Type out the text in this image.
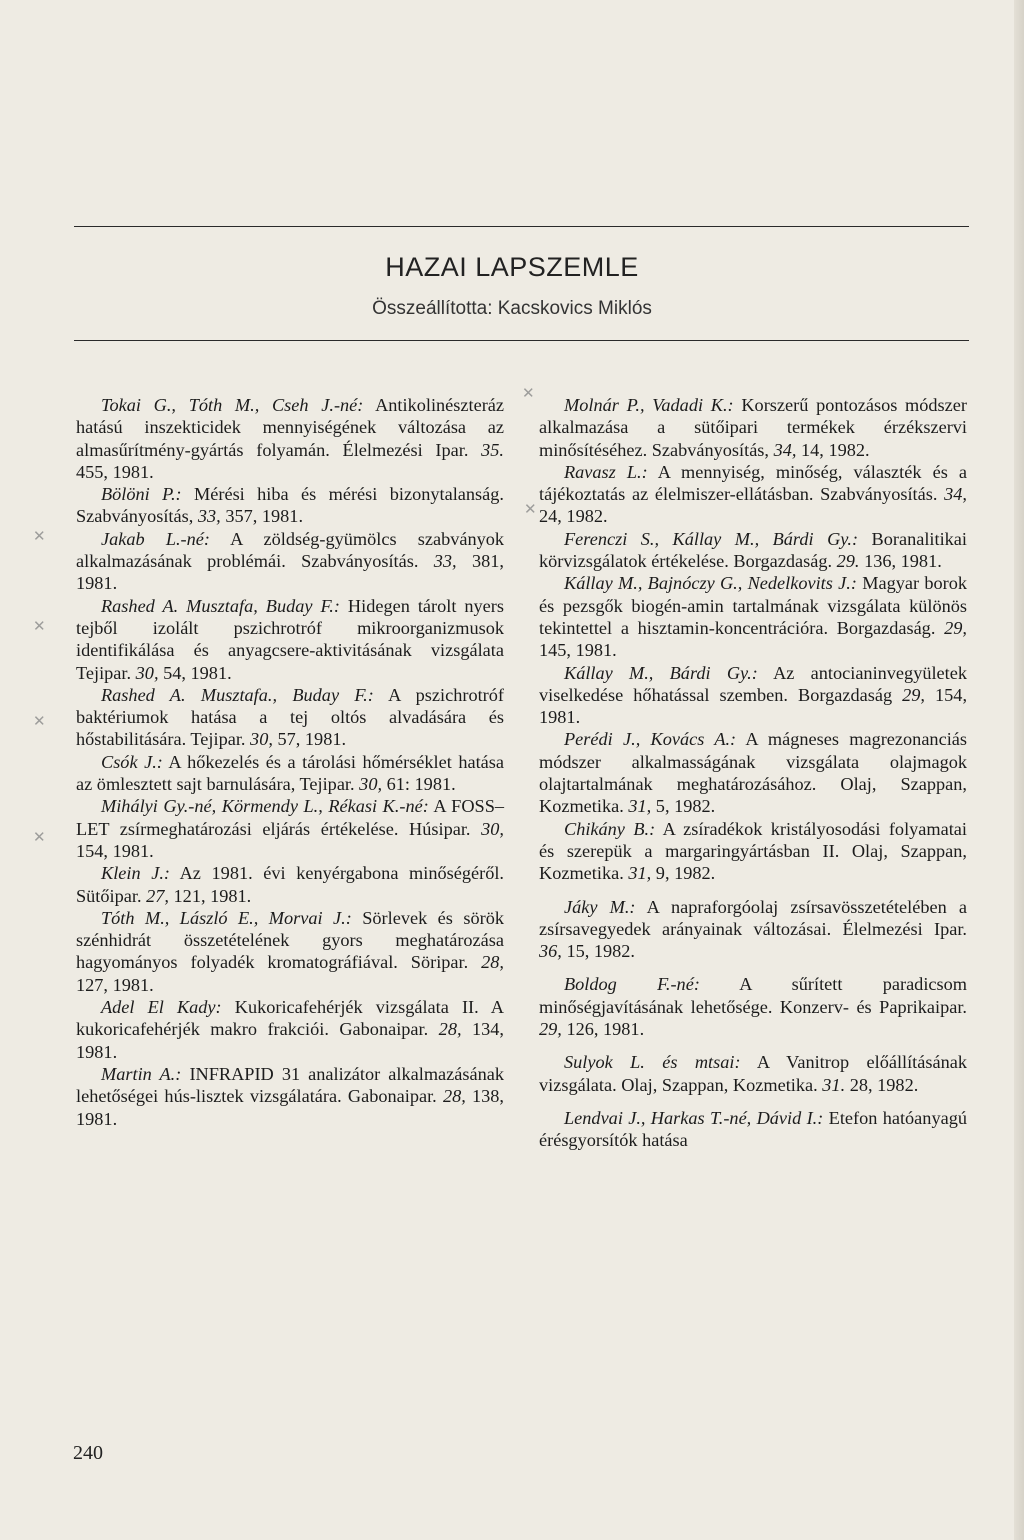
HAZAI LAPSZEMLE
Összeállította: Kacskovics Miklós
✕
✕
✕
✕
✕
✕

Tokai G., Tóth M., Cseh J.-né: Antikolinészteráz hatású inszekticidek mennyiségének változása az almasűrítmény-gyártás folyamán. Élelmezési Ipar. 35. 455, 1981.

Bölöni P.: Mérési hiba és mérési bizonytalanság. Szabványosítás, 33, 357, 1981.

Jakab L.-né: A zöldség-gyümölcs szabványok alkalmazásának problémái. Szabványosítás. 33, 381, 1981.

Rashed A. Musztafa, Buday F.: Hidegen tárolt nyers tejből izolált pszichrotróf mikroorganizmusok identifikálása és anyagcsere-aktivitásának vizsgálata Tejipar. 30, 54, 1981.

Rashed A. Musztafa., Buday F.: A pszichrotróf baktériumok hatása a tej oltós alvadására és hőstabilitására. Tejipar. 30, 57, 1981.

Csók J.: A hőkezelés és a tárolási hőmérséklet hatása az ömlesztett sajt barnulására, Tejipar. 30, 61: 1981.

Mihályi Gy.-né, Körmendy L., Rékasi K.-né: A FOSS–LET zsírmeghatározási eljárás értékelése. Húsipar. 30, 154, 1981.

Klein J.: Az 1981. évi kenyérgabona minőségéről. Sütőipar. 27, 121, 1981.

Tóth M., László E., Morvai J.: Sörlevek és sörök szénhidrát összetételének gyors meghatározása hagyományos folyadék kromatográfiával. Söripar. 28, 127, 1981.

Adel El Kady: Kukoricafehérjék vizsgálata II. A kukoricafehérjék makro frakciói. Gabonaipar. 28, 134, 1981.

Martin A.: INFRAPID 31 analizátor alkalmazásának lehetőségei hús-lisztek vizsgálatára. Gabonaipar. 28, 138, 1981.

Molnár P., Vadadi K.: Korszerű pontozásos módszer alkalmazása a sütőipari termékek érzékszervi minősítéséhez. Szabványosítás, 34, 14, 1982.

Ravasz L.: A mennyiség, minőség, választék és a tájékoztatás az élelmiszer-ellátásban. Szabványosítás. 34, 24, 1982.

Ferenczi S., Kállay M., Bárdi Gy.: Boranalitikai körvizsgálatok értékelése. Borgazdaság. 29. 136, 1981.

Kállay M., Bajnóczy G., Nedelkovits J.: Magyar borok és pezsgők biogén-amin tartalmának vizsgálata különös tekintettel a hisztamin-koncentrációra. Borgazdaság. 29, 145, 1981.

Kállay M., Bárdi Gy.: Az antocianinvegyületek viselkedése hőhatással szemben. Borgazdaság 29, 154, 1981.

Perédi J., Kovács A.: A mágneses magrezonanciás módszer alkalmasságának vizsgálata olajmagok olajtartalmának meghatározásához. Olaj, Szappan, Kozmetika. 31, 5, 1982.

Chikány B.: A zsíradékok kristályosodási folyamatai és szerepük a margaringyártásban II. Olaj, Szappan, Kozmetika. 31, 9, 1982.

Jáky M.: A napraforgóolaj zsírsavösszetételében a zsírsavegyedek arányainak változásai. Élelmezési Ipar. 36, 15, 1982.

Boldog F.-né: A sűrített paradicsom minőségjavításának lehetősége. Konzerv- és Paprikaipar. 29, 126, 1981.

Sulyok L. és mtsai: A Vanitrop előállításának vizsgálata. Olaj, Szappan, Kozmetika. 31. 28, 1982.

Lendvai J., Harkas T.-né, Dávid I.: Etefon hatóanyagú érésgyorsítók hatása

240
